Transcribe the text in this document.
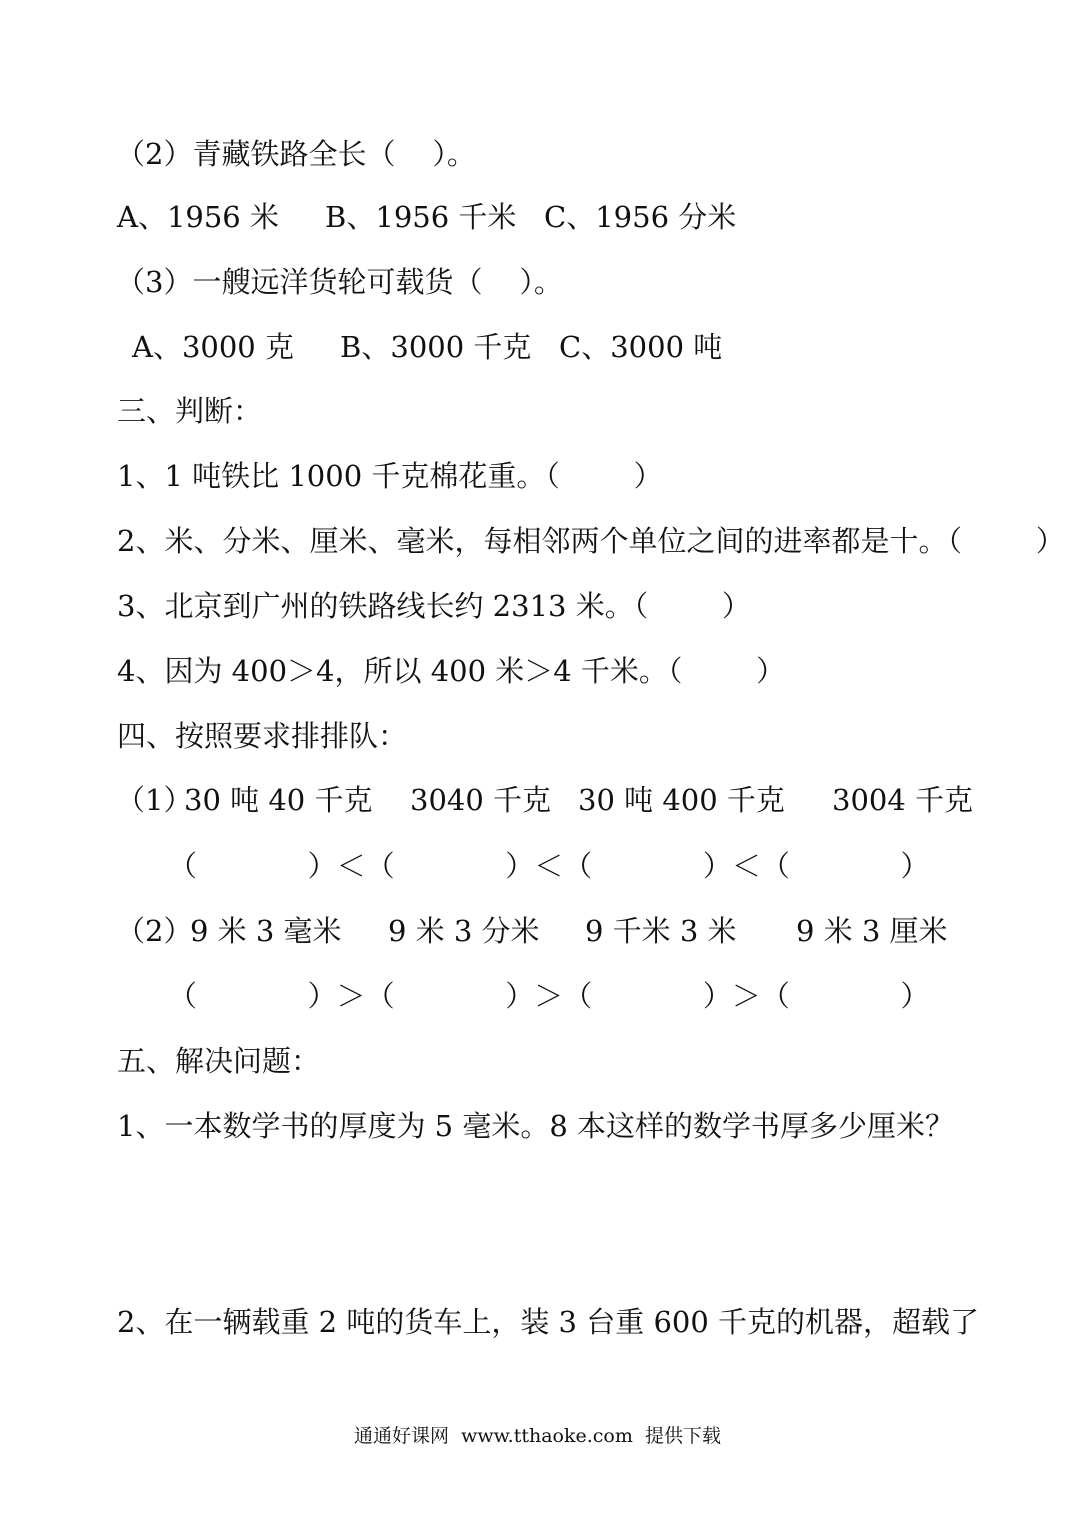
（2）青藏铁路全长（    ）。

A、1956 米     B、1956 千米   C、1956 分米

（3）一艘远洋货轮可载货（    ）。

A、3000 克     B、3000 千克   C、3000 吨

三、判断：

1、1 吨铁比 1000 千克棉花重。（        ）

2、米、分米、厘米、毫米，每相邻两个单位之间的进率都是十。（        ）

3、北京到广州的铁路线长约 2313 米。（        ）

4、因为 400＞4，所以 400 米＞4 千米。（        ）

四、按照要求排排队：

（1）
30 吨 40 千克 3040 千克 30 吨 400 千克 3004 千克

（            ）＜（            ）＜（            ）＜（            ）

（2）
9 米 3 毫米 9 米 3 分米 9 千米 3 米 9 米 3 厘米

（            ）＞（            ）＞（            ）＞（            ）

五、解决问题：

1、一本数学书的厚度为 5 毫米。8 本这样的数学书厚多少厘米？

2、在一辆载重 2 吨的货车上，装 3 台重 600 千克的机器，超载了

通通好课网  www.tthaoke.com  提供下载
